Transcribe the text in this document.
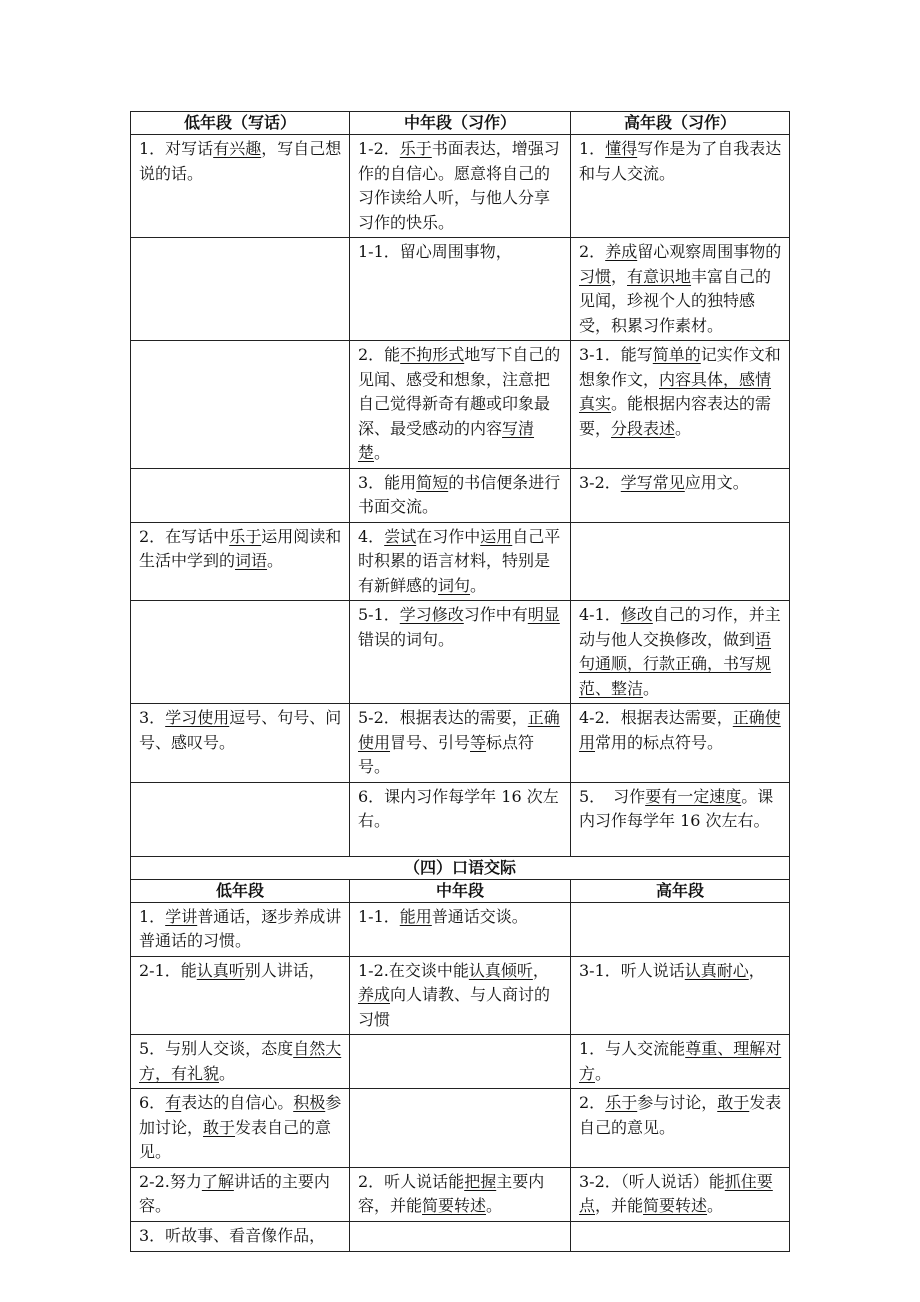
低年段（写话）	中年段（习作）	高年段（习作）
1．对写话有兴趣，写自己想说的话。	1-2．乐于书面表达，增强习作的自信心。愿意将自己的习作读给人听，与他人分享习作的快乐。	1．懂得写作是为了自我表达和与人交流。
	1-1．留心周围事物，	2．养成留心观察周围事物的习惯，有意识地丰富自己的见闻，珍视个人的独特感受，积累习作素材。
	2．能不拘形式地写下自己的见闻、感受和想象，注意把自己觉得新奇有趣或印象最深、最受感动的内容写清楚。	3-1．能写简单的记实作文和想象作文，内容具体，感情真实。能根据内容表达的需要，分段表述。
	3．能用简短的书信便条进行书面交流。	3-2．学写常见应用文。
2．在写话中乐于运用阅读和生活中学到的词语。	4．尝试在习作中运用自己平时积累的语言材料，特别是有新鲜感的词句。	
	5-1．学习修改习作中有明显错误的词句。	4-1．修改自己的习作，并主动与他人交换修改，做到语句通顺，行款正确，书写规范、整洁。
3．学习使用逗号、句号、问号、感叹号。	5-2．根据表达的需要，正确使用冒号、引号等标点符号。	4-2．根据表达需要，正确使用常用的标点符号。
	6．课内习作每学年 16 次左右。	5．　习作要有一定速度。课内习作每学年 16 次左右。
（四）口语交际		
低年段	中年段	高年段
1．学讲普通话，逐步养成讲普通话的习惯。	1-1．能用普通话交谈。	
2-1．能认真听别人讲话，	1-2.在交谈中能认真倾听，养成向人请教、与人商讨的习惯	3-1．听人说话认真耐心，
5．与别人交谈，态度自然大方，有礼貌。		1．与人交流能尊重、理解对方。
6．有表达的自信心。积极参加讨论，敢于发表自己的意见。		2．乐于参与讨论，敢于发表自己的意见。
2-2.努力了解讲话的主要内容。	2．听人说话能把握主要内容，并能简要转述。	3-2．（听人说话）能抓住要点，并能简要转述。
3．听故事、看音像作品，		
